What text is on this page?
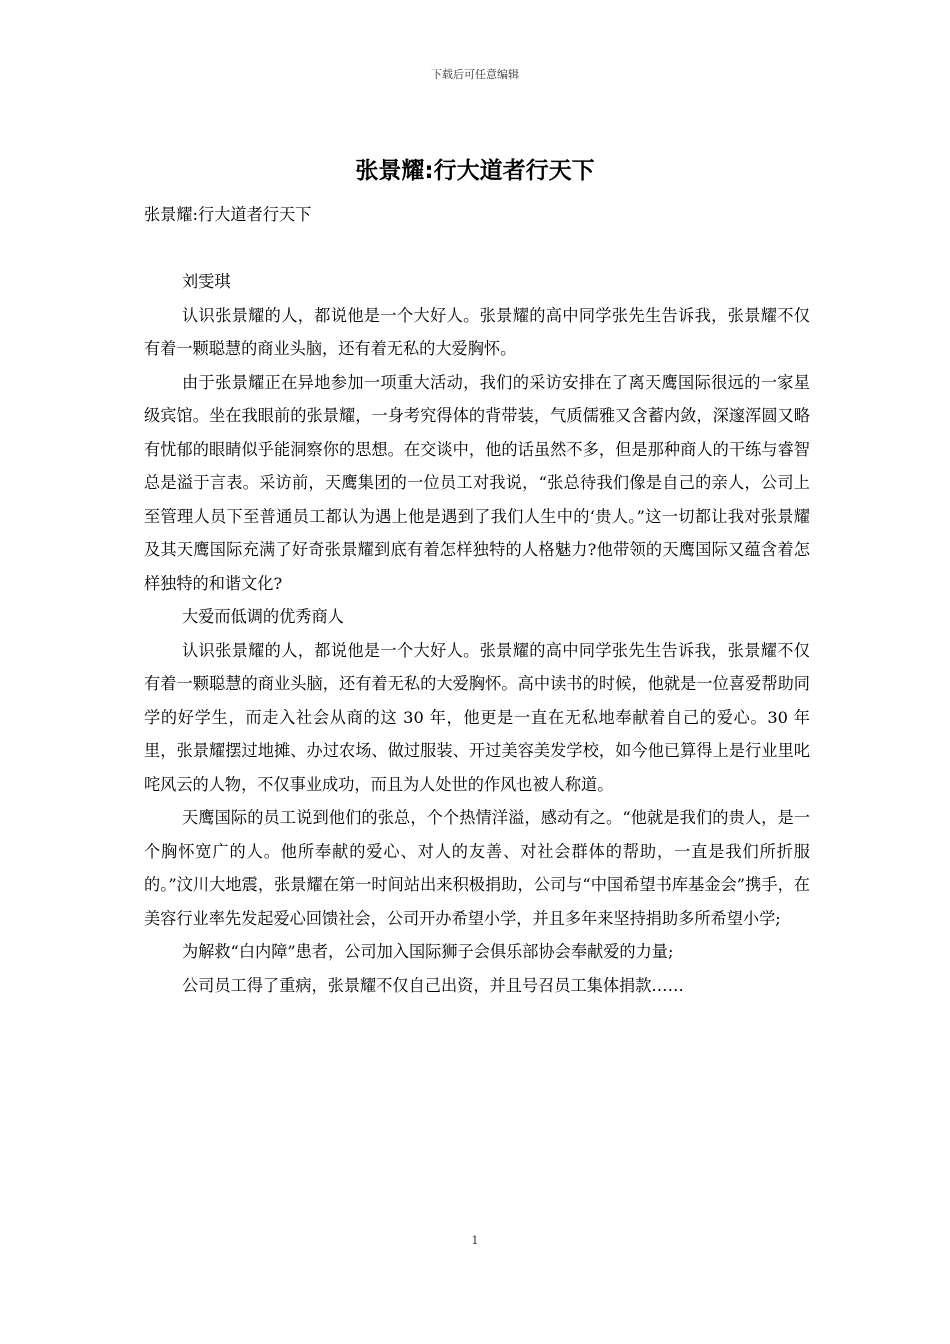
下载后可任意编辑
张景耀:行大道者行天下

张景耀:行大道者行天下

刘雯琪

认识张景耀的人，都说他是一个大好人。张景耀的高中同学张先生告诉我，张景耀不仅有着一颗聪慧的商业头脑，还有着无私的大爱胸怀。

由于张景耀正在异地参加一项重大活动，我们的采访安排在了离天鹰国际很远的一家星级宾馆。坐在我眼前的张景耀，一身考究得体的背带装，气质儒雅又含蓄内敛，深邃浑圆又略有忧郁的眼睛似乎能洞察你的思想。在交谈中，他的话虽然不多，但是那种商人的干练与睿智总是溢于言表。采访前，天鹰集团的一位员工对我说，“张总待我们像是自己的亲人，公司上至管理人员下至普通员工都认为遇上他是遇到了我们人生中的‘贵人。”这一切都让我对张景耀及其天鹰国际充满了好奇张景耀到底有着怎样独特的人格魅力?他带领的天鹰国际又蕴含着怎样独特的和谐文化?

大爱而低调的优秀商人

认识张景耀的人，都说他是一个大好人。张景耀的高中同学张先生告诉我，张景耀不仅有着一颗聪慧的商业头脑，还有着无私的大爱胸怀。高中读书的时候，他就是一位喜爱帮助同学的好学生，而走入社会从商的这 30 年，他更是一直在无私地奉献着自己的爱心。30 年里，张景耀摆过地摊、办过农场、做过服装、开过美容美发学校，如今他已算得上是行业里叱咤风云的人物，不仅事业成功，而且为人处世的作风也被人称道。

天鹰国际的员工说到他们的张总，个个热情洋溢，感动有之。“他就是我们的贵人，是一个胸怀宽广的人。他所奉献的爱心、对人的友善、对社会群体的帮助，一直是我们所折服的。”汶川大地震，张景耀在第一时间站出来积极捐助，公司与“中国希望书库基金会”携手，在美容行业率先发起爱心回馈社会，公司开办希望小学，并且多年来坚持捐助多所希望小学;

为解救“白内障”患者，公司加入国际狮子会俱乐部协会奉献爱的力量;

公司员工得了重病，张景耀不仅自己出资，并且号召员工集体捐款……

1
